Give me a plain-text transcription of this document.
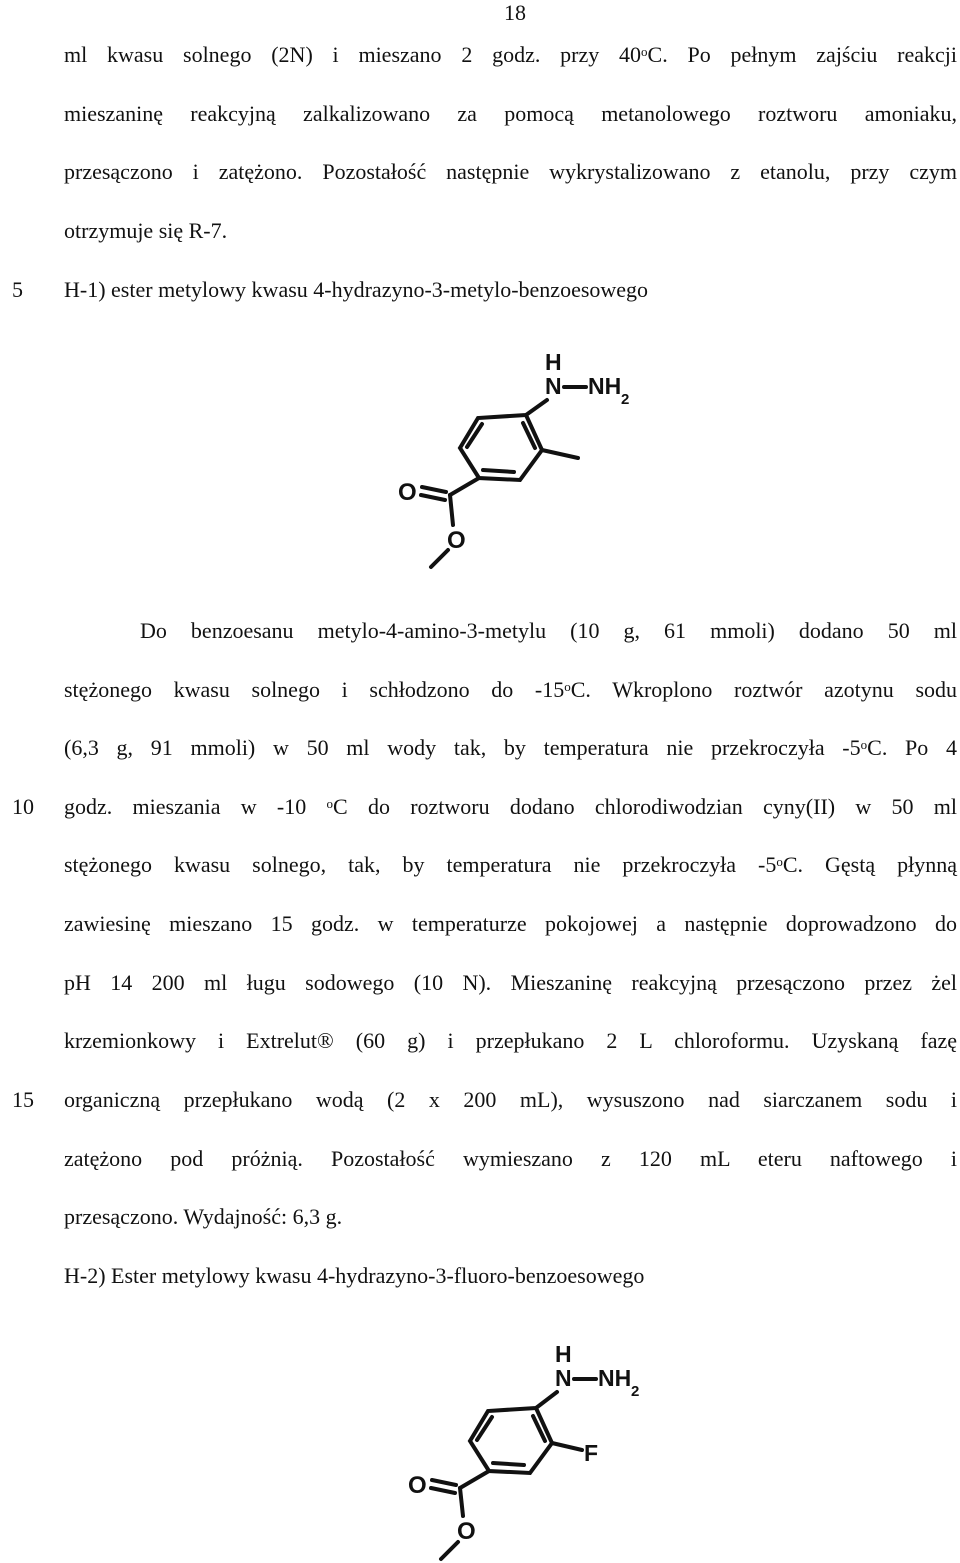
18
ml kwasu solnego (2N) i mieszano 2 godz. przy 40$^o$C. Po pełnym zajściu reakcji
mieszaninę reakcyjną zalkalizowano za pomocą metanolowego roztworu amoniaku,
przesączono i zatężono. Pozostałość następnie wykrystalizowano z etanolu, przy czym
otrzymuje się R-7.
5 H-1) ester metylowy kwasu 4-hydrazyno-3-metylo-benzoesowego
H
N NH
2
O
O
Do benzoesanu metylo-4-amino-3-metylu (10 g, 61 mmoli) dodano 50 ml
stężonego kwasu solnego i schłodzono do -15$^o$C. Wkroplono roztwór azotynu sodu
(6,3 g, 91 mmoli) w 50 ml wody tak, by temperatura nie przekroczyła -5$^o$C. Po 4
10 godz. mieszania w -10 $^o$C do roztworu dodano chlorodiwodzian cyny(II) w 50 ml
stężonego kwasu solnego, tak, by temperatura nie przekroczyła -5$^o$C. Gęstą płynną
zawiesinę mieszano 15 godz. w temperaturze pokojowej a następnie doprowadzono do
pH 14 200 ml ługu sodowego (10 N). Mieszaninę reakcyjną przesączono przez żel
krzemionkowy i Extrelut® (60 g) i przepłukano 2 L chloroformu. Uzyskaną fazę
15 organiczną przepłukano wodą (2 x 200 mL), wysuszono nad siarczanem sodu i
zatężono pod próżnią. Pozostałość wymieszano z 120 mL eteru naftowego i
przesączono. Wydajność: 6,3 g.
H-2) Ester metylowy kwasu 4-hydrazyno-3-fluoro-benzoesowego
H
N NH
2
F
O
O
